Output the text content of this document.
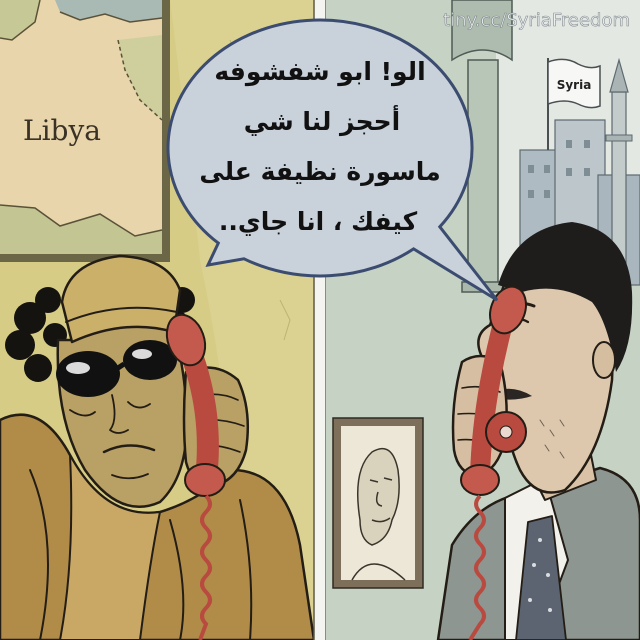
Libya
Syria
الو! ابو شفشوفه
أحجز لنا شي
ماسورة نظيفة على
كيفك ، انا جاي..
tiny.cc/SyriaFreedom
